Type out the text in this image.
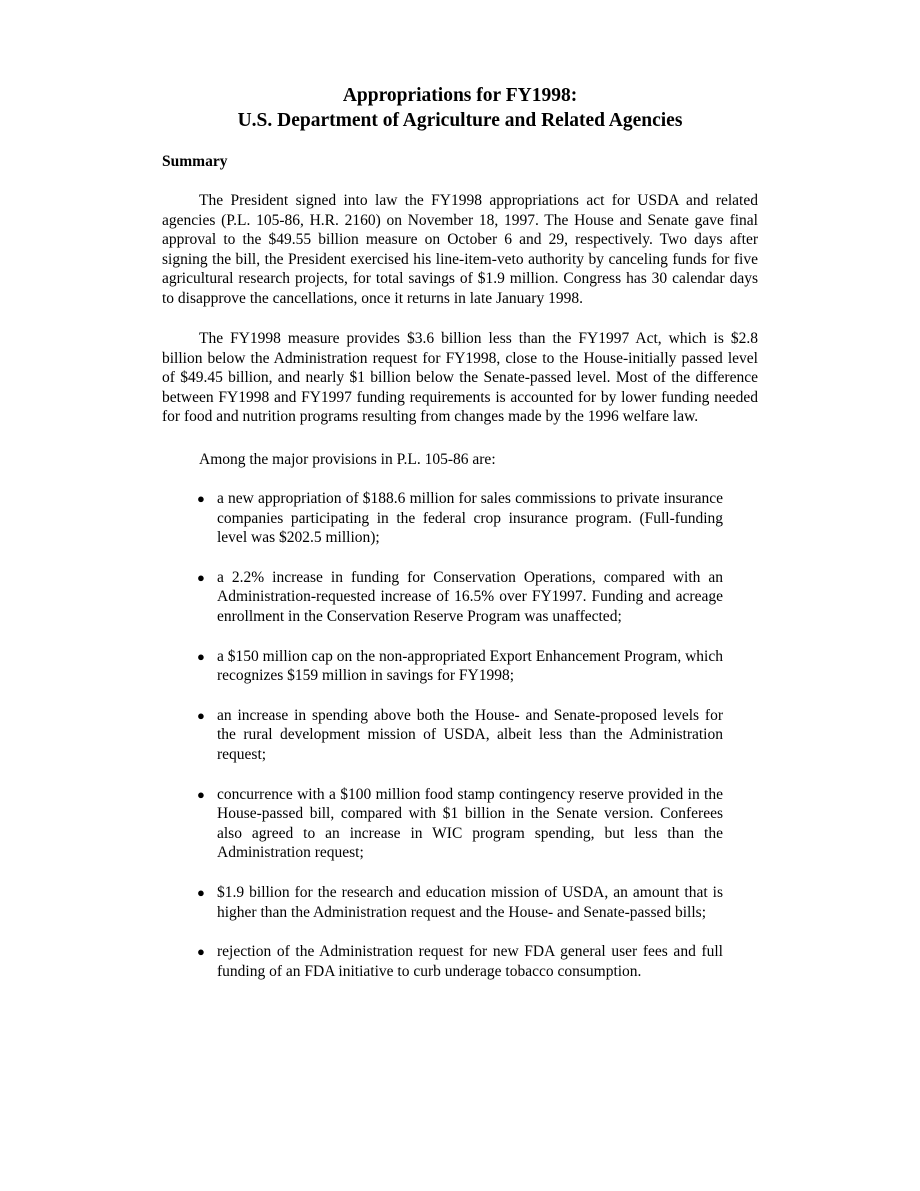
Appropriations for FY1998:
U.S. Department of Agriculture and Related Agencies
Summary

The President signed into law the FY1998 appropriations act for USDA and related agencies (P.L. 105-86, H.R. 2160) on November 18, 1997. The House and Senate gave final approval to the $49.55 billion measure on October 6 and 29, respectively. Two days after signing the bill, the President exercised his line-item-veto authority by canceling funds for five agricultural research projects, for total savings of $1.9 million. Congress has 30 calendar days to disapprove the cancellations, once it returns in late January 1998.

The FY1998 measure provides $3.6 billion less than the FY1997 Act, which is $2.8 billion below the Administration request for FY1998, close to the House-initially passed level of $49.45 billion, and nearly $1 billion below the Senate-passed level. Most of the difference between FY1998 and FY1997 funding requirements is accounted for by lower funding needed for food and nutrition programs resulting from changes made by the 1996 welfare law.

Among the major provisions in P.L. 105-86 are:

● a new appropriation of $188.6 million for sales commissions to private insurance companies participating in the federal crop insurance program. (Full-funding level was $202.5 million);
● a 2.2% increase in funding for Conservation Operations, compared with an Administration-requested increase of 16.5% over FY1997. Funding and acreage enrollment in the Conservation Reserve Program was unaffected;
● a $150 million cap on the non-appropriated Export Enhancement Program, which recognizes $159 million in savings for FY1998;
● an increase in spending above both the House- and Senate-proposed levels for the rural development mission of USDA, albeit less than the Administration request;
● concurrence with a $100 million food stamp contingency reserve provided in the House-passed bill, compared with $1 billion in the Senate version. Conferees also agreed to an increase in WIC program spending, but less than the Administration request;
● $1.9 billion for the research and education mission of USDA, an amount that is higher than the Administration request and the House- and Senate-passed bills;
● rejection of the Administration request for new FDA general user fees and full funding of an FDA initiative to curb underage tobacco consumption.
